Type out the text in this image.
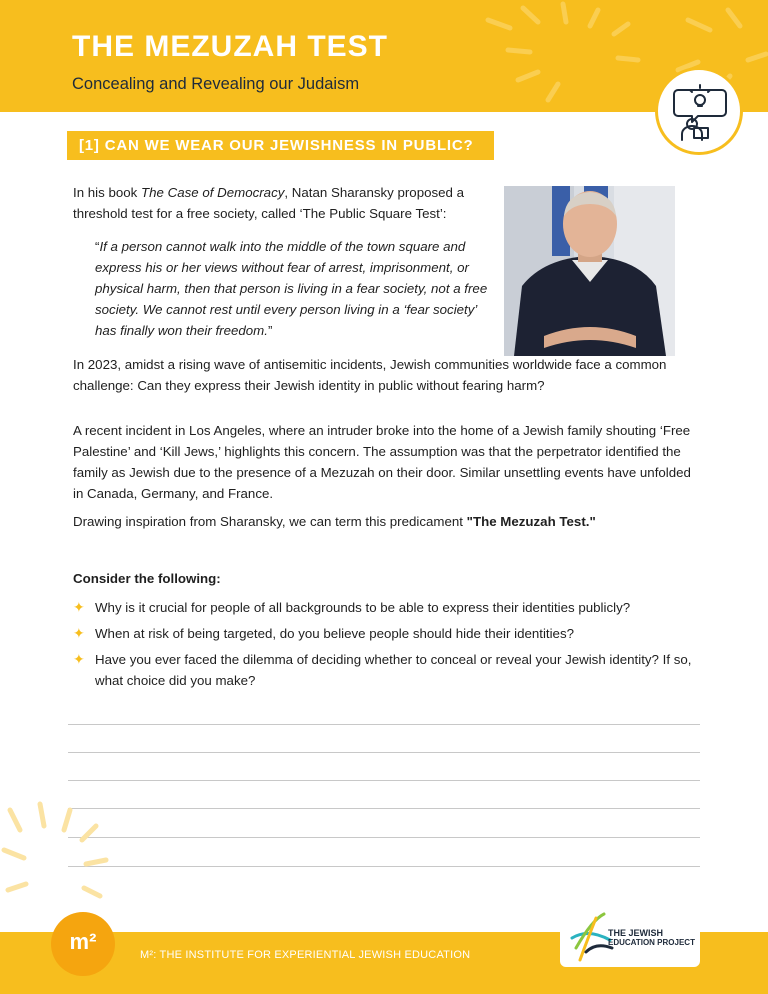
THE MEZUZAH TEST

Concealing and Revealing our Judaism

[1] CAN WE WEAR OUR JEWISHNESS IN PUBLIC?

In his book The Case of Democracy, Natan Sharansky proposed a threshold test for a free society, called ‘The Public Square Test’:

“If a person cannot walk into the middle of the town square and express his or her views without fear of arrest, imprisonment, or physical harm, then that person is living in a fear society, not a free society. We cannot rest until every person living in a ‘fear society’ has finally won their freedom.”

In 2023, amidst a rising wave of antisemitic incidents, Jewish communities worldwide face a common challenge: Can they express their Jewish identity in public without fearing harm?

A recent incident in Los Angeles, where an intruder broke into the home of a Jewish family shouting ‘Free Palestine’ and ‘Kill Jews,’ highlights this concern. The assumption was that the perpetrator identified the family as Jewish due to the presence of a Mezuzah on their door. Similar unsettling events have unfolded in Canada, Germany, and France.

Drawing inspiration from Sharansky, we can term this predicament "The Mezuzah Test."

Consider the following:
✦ Why is it crucial for people of all backgrounds to be able to express their identities publicly?
✦ When at risk of being targeted, do you believe people should hide their identities?
✦ Have you ever faced the dilemma of deciding whether to conceal or reveal your Jewish identity? If so, what choice did you make?
m²
M²: THE INSTITUTE FOR EXPERIENTIAL JEWISH EDUCATION
THE JEWISH
EDUCATION PROJECT
